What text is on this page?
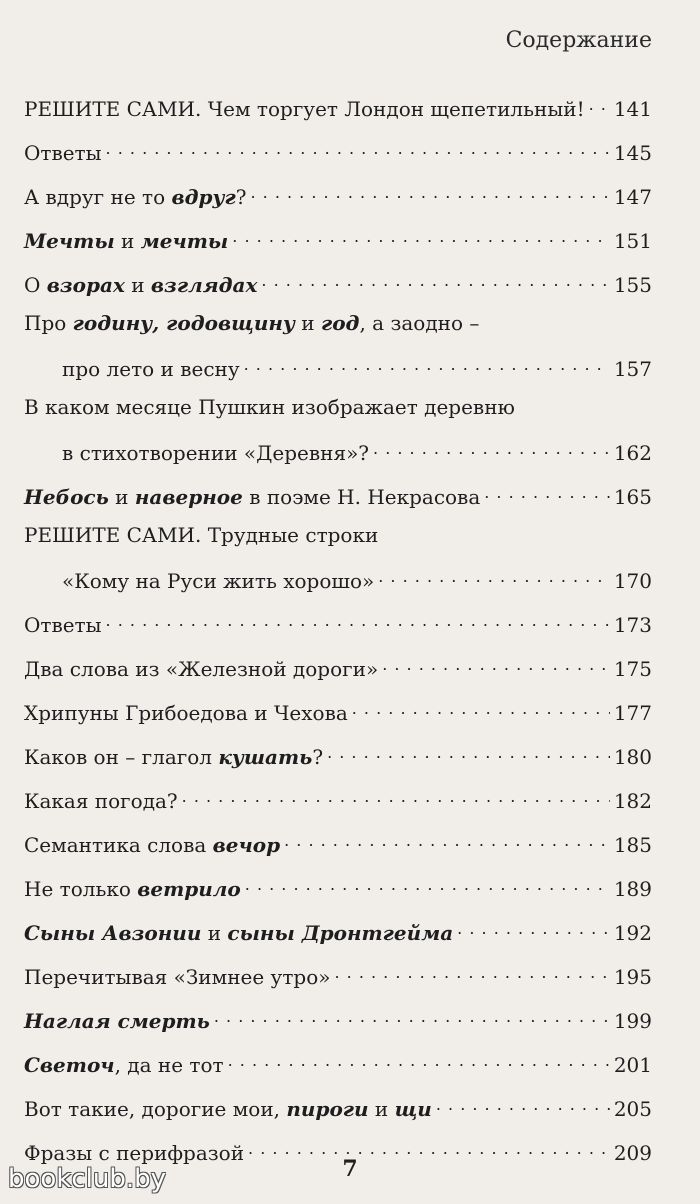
Содержание
РЕШИТЕ САМИ. Чем торгует Лондон щепетильный! . . . 141
Ответы . . .	145
А вдруг не то вдруг? . . .	147
Мечты и мечты . . .	151
О взорах и взглядах . . .	155
Про годину, годовщину и год, а заодно –
про лето и весну . . .	157
В каком месяце Пушкин изображает деревню
в стихотворении «Деревня»? . . .	162
Небось и наверное в поэме Н. Некрасова . . .	165
РЕШИТЕ САМИ. Трудные строки
«Кому на Руси жить хорошо» . . .	170
Ответы . . .	173
Два слова из «Железной дороги» . . .	175
Хрипуны Грибоедова и Чехова . . .	177
Каков он – глагол кушать? . . .	180
Какая погода? . . .	182
Семантика слова вечор . . .	185
Не только ветрило . . .	189
Сыны Авзонии и сыны Дронтгейма . . .	192
Перечитывая «Зимнее утро» . . .	195
Наглая смерть . . .	199
Светоч, да не тот . . .	201
Вот такие, дорогие мои, пироги и щи . . .	205
Фразы с перифразой . . .	209
7
bookclub.by
